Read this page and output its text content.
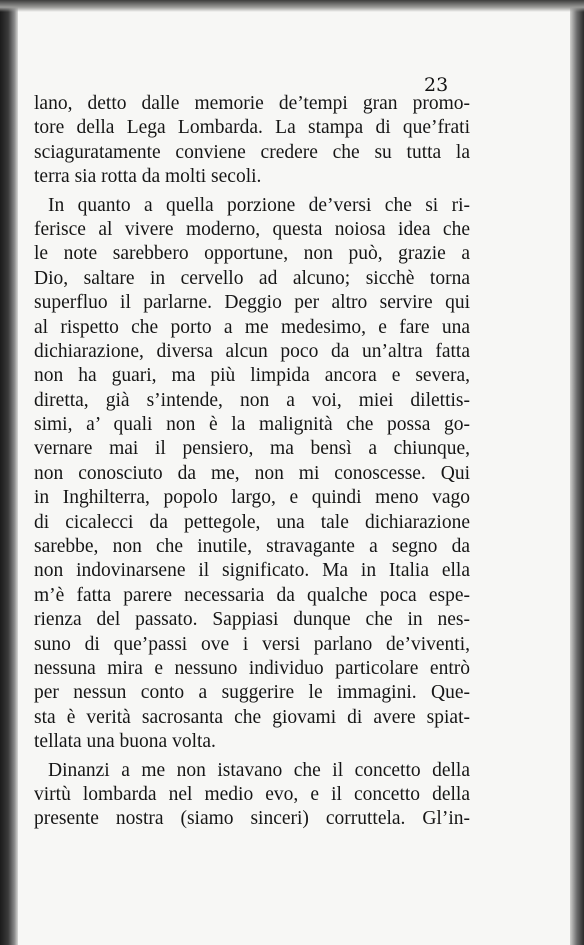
23
lano, detto dalle memorie de’tempi gran promo-
tore della Lega Lombarda. La stampa di que’frati
sciaguratamente conviene credere che su tutta la
terra sia rotta da molti secoli.
In quanto a quella porzione de’versi che si ri-
ferisce al vivere moderno, questa noiosa idea che
le note sarebbero opportune, non può, grazie a
Dio, saltare in cervello ad alcuno; sicchè torna
superfluo il parlarne. Deggio per altro servire qui
al rispetto che porto a me medesimo, e fare una
dichiarazione, diversa alcun poco da un’altra fatta
non ha guari, ma più limpida ancora e severa,
diretta, già s’intende, non a voi, miei dilettis-
simi, a’ quali non è la malignità che possa go-
vernare mai il pensiero, ma bensì a chiunque,
non conosciuto da me, non mi conoscesse. Qui
in Inghilterra, popolo largo, e quindi meno vago
di cicalecci da pettegole, una tale dichiarazione
sarebbe, non che inutile, stravagante a segno da
non indovinarsene il significato. Ma in Italia ella
m’è fatta parere necessaria da qualche poca espe-
rienza del passato. Sappiasi dunque che in nes-
suno di que’passi ove i versi parlano de’viventi,
nessuna mira e nessuno individuo particolare entrò
per nessun conto a suggerire le immagini. Que-
sta è verità sacrosanta che giovami di avere spiat-
tellata una buona volta.
Dinanzi a me non istavano che il concetto della
virtù lombarda nel medio evo, e il concetto della
presente nostra (siamo sinceri) corruttela. Gl’in-
